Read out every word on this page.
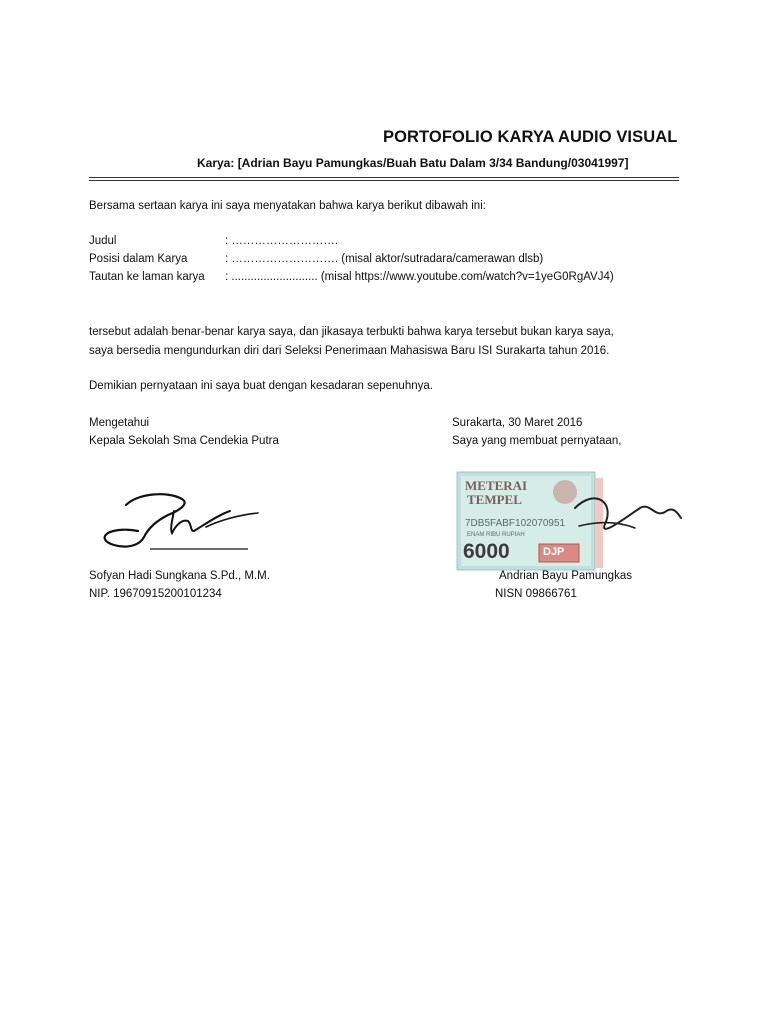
PORTOFOLIO KARYA AUDIO VISUAL
Karya: [Adrian Bayu Pamungkas/Buah Batu Dalam 3/34 Bandung/03041997]
Bersama sertaan karya ini saya menyatakan bahwa karya berikut dibawah ini:
Judul	: ……………………….
Posisi dalam Karya	: ………………………. (misal aktor/sutradara/camerawan dlsb)
Tautan ke laman karya : ........................... (misal https://www.youtube.com/watch?v=1yeG0RgAVJ4)
tersebut adalah benar-benar karya saya, dan jikasaya terbukti bahwa karya tersebut bukan karya saya,
saya bersedia mengundurkan diri dari Seleksi Penerimaan Mahasiswa Baru ISI Surakarta tahun 2016.
Demikian pernyataan ini saya buat dengan kesadaran sepenuhnya.
Mengetahui
Kepala Sekolah Sma Cendekia Putra
Surakarta, 30 Maret 2016
Saya yang membuat pernyataan,
METERAI
TEMPEL
7DB5FABF102070951
ENAM RIBU RUPIAH
6000	DJP
Sofyan Hadi Sungkana S.Pd., M.M.
NIP. 19670915200101234
Andrian Bayu Pamungkas
NISN 09866761
